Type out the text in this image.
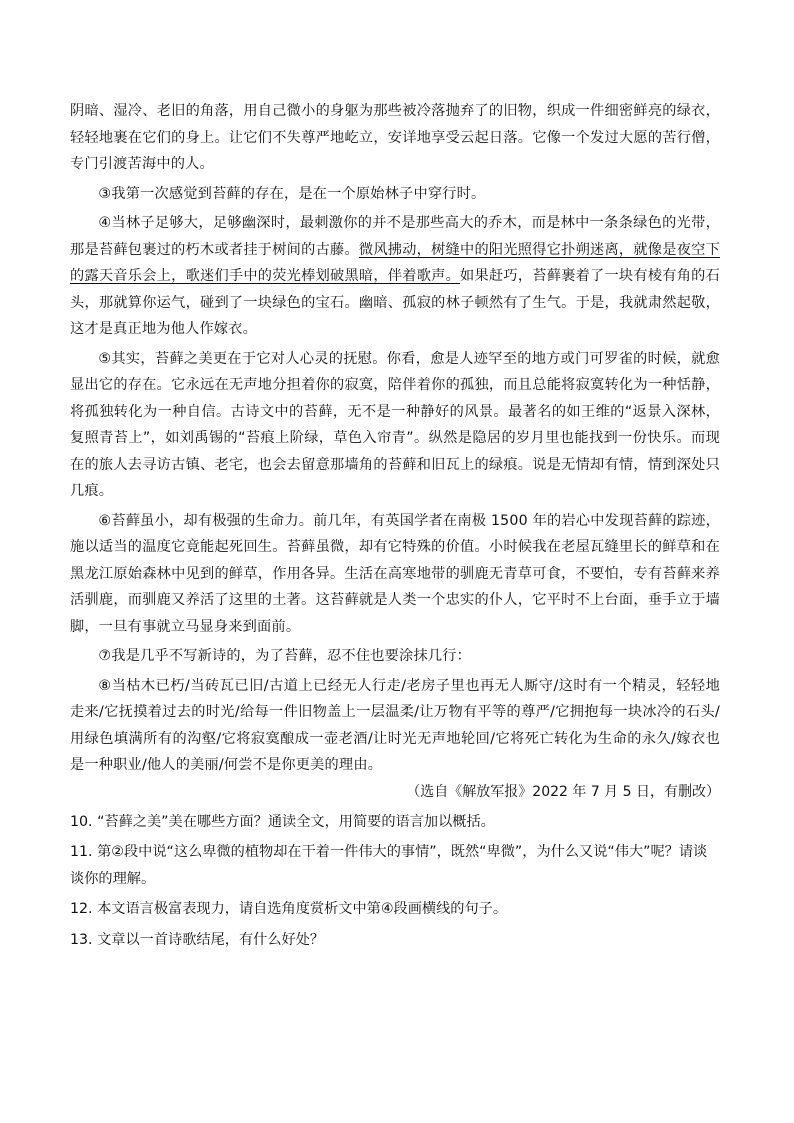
阴暗、湿冷、老旧的角落，用自己微小的身躯为那些被冷落抛弃了的旧物，织成一件细密鲜亮的绿衣，轻轻地裹在它们的身上。让它们不失尊严地屹立，安详地享受云起日落。它像一个发过大愿的苦行僧，专门引渡苦海中的人。

③我第一次感觉到苔藓的存在，是在一个原始林子中穿行时。

④当林子足够大，足够幽深时，最刺激你的并不是那些高大的乔木，而是林中一条条绿色的光带，那是苔藓包裹过的朽木或者挂于树间的古藤。微风拂动，树缝中的阳光照得它扑朔迷离，就像是夜空下的露天音乐会上，歌迷们手中的荧光棒划破黑暗，伴着歌声。如果赶巧，苔藓裹着了一块有棱有角的石头，那就算你运气，碰到了一块绿色的宝石。幽暗、孤寂的林子顿然有了生气。于是，我就肃然起敬，这才是真正地为他人作嫁衣。

⑤其实，苔藓之美更在于它对人心灵的抚慰。你看，愈是人迹罕至的地方或门可罗雀的时候，就愈显出它的存在。它永远在无声地分担着你的寂寞，陪伴着你的孤独，而且总能将寂寞转化为一种恬静，将孤独转化为一种自信。古诗文中的苔藓，无不是一种静好的风景。最著名的如王维的“返景入深林，复照青苔上”，如刘禹锡的“苔痕上阶绿，草色入帘青”。纵然是隐居的岁月里也能找到一份快乐。而现在的旅人去寻访古镇、老宅，也会去留意那墙角的苔藓和旧瓦上的绿痕。说是无情却有情，情到深处只几痕。

⑥苔藓虽小，却有极强的生命力。前几年，有英国学者在南极 1500 年的岩心中发现苔藓的踪迹，施以适当的温度它竟能起死回生。苔藓虽微，却有它特殊的价值。小时候我在老屋瓦缝里长的鲜草和在黑龙江原始森林中见到的鲜草，作用各异。生活在高寒地带的驯鹿无青草可食，不要怕，专有苔藓来养活驯鹿，而驯鹿又养活了这里的土著。这苔藓就是人类一个忠实的仆人，它平时不上台面，垂手立于墙脚，一旦有事就立马显身来到面前。

⑦我是几乎不写新诗的，为了苔藓，忍不住也要涂抹几行：

⑧当枯木已朽/当砖瓦已旧/古道上已经无人行走/老房子里也再无人厮守/这时有一个精灵，轻轻地走来/它抚摸着过去的时光/给每一件旧物盖上一层温柔/让万物有平等的尊严/它拥抱每一块冰冷的石头/用绿色填满所有的沟壑/它将寂寞酿成一壶老酒/让时光无声地轮回/它将死亡转化为生命的永久/嫁衣也是一种职业/他人的美丽/何尝不是你更美的理由。

（选自《解放军报》2022 年 7 月 5 日，有删改）

10. “苔藓之美”美在哪些方面？通读全文，用简要的语言加以概括。

11. 第②段中说“这么卑微的植物却在干着一件伟大的事情”，既然“卑微”，为什么又说“伟大”呢？请谈谈你的理解。

12. 本文语言极富表现力，请自选角度赏析文中第④段画横线的句子。

13. 文章以一首诗歌结尾，有什么好处？
